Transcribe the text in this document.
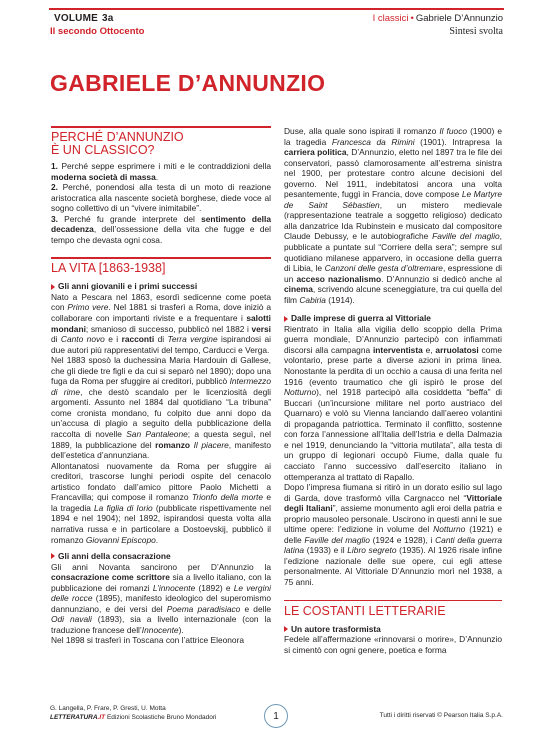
VOLUME 3a
Il secondo Ottocento
I classici • Gabriele D’Annunzio
Sintesi svolta
GABRIELE D’ANNUNZIO
PERCHÉ D’ANNUNZIO
È UN CLASSICO?
1. Perché seppe esprimere i miti e le contraddizioni della moderna società di massa.
2. Perché, ponendosi alla testa di un moto di reazione aristocratica alla nascente società borghese, diede voce al sogno collettivo di un “vivere inimitabile”.
3. Perché fu grande interprete del sentimento della decadenza, dell’ossessione della vita che fugge e del tempo che devasta ogni cosa.
LA VITA [1863-1938]
Gli anni giovanili e i primi successi
Nato a Pescara nel 1863, esordì sedicenne come poeta con Primo vere. Nel 1881 si trasferì a Roma, dove iniziò a collaborare con importanti riviste e a frequentare i salotti mondani; smanioso di successo, pubblicò nel 1882 i versi di Canto novo e i racconti di Terra vergine ispirandosi ai due autori più rappresentativi del tempo, Carducci e Verga.
Nel 1883 sposò la duchessina Maria Hardouin di Gallese, che gli diede tre figli e da cui si separò nel 1890); dopo una fuga da Roma per sfuggire ai creditori, pubblicò Intermezzo di rime, che destò scandalo per le licenziosità degli argomenti. Assunto nel 1884 dal quotidiano “La tribuna” come cronista mondano, fu colpito due anni dopo da un’accusa di plagio a seguito della pubblicazione della raccolta di novelle San Pantaleone; a questa seguì, nel 1889, la pubblicazione del romanzo Il piacere, manifesto dell’estetica d’annunziana.
Allontanatosi nuovamente da Roma per sfuggire ai creditori, trascorse lunghi periodi ospite del cenacolo artistico fondato dall’amico pittore Paolo Michetti a Francavilla; qui compose il romanzo Trionfo della morte e la tragedia La figlia di Iorio (pubblicate rispettivamente nel 1894 e nel 1904); nel 1892, ispirandosi questa volta alla narrativa russa e in particolare a Dostoevskij, pubblicò il romanzo Giovanni Episcopo.
Gli anni della consacrazione
Gli anni Novanta sancirono per D’Annunzio la consacrazione come scrittore sia a livello italiano, con la pubblicazione dei romanzi L’innocente (1892) e Le vergini delle rocce (1895), manifesto ideologico del superomismo dannunziano, e dei versi del Poema paradisiaco e delle Odi navali (1893), sia a livello internazionale (con la traduzione francese dell’Innocente).
Nel 1898 si trasferì in Toscana con l’attrice Eleonora
Duse, alla quale sono ispirati il romanzo Il fuoco (1900) e la tragedia Francesca da Rimini (1901). Intrapresa la carriera politica, D’Annunzio, eletto nel 1897 tra le file dei conservatori, passò clamorosamente all’estrema sinistra nel 1900, per protestare contro alcune decisioni del governo. Nel 1911, indebitatosi ancora una volta pesantemente, fuggì in Francia, dove compose Le Martyre de Saint Sébastien, un mistero medievale (rappresentazione teatrale a soggetto religioso) dedicato alla danzatrice Ida Rubinstein e musicato dal compositore Claude Debussy, e le autobiografiche Faville del maglio, pubblicate a puntate sul “Corriere della sera”; sempre sul quotidiano milanese apparvero, in occasione della guerra di Libia, le Canzoni delle gesta d’oltremare, espressione di un acceso nazionalismo. D’Annunzio si dedicò anche al cinema, scrivendo alcune sceneggiature, tra cui quella del film Cabiria (1914).
Dalle imprese di guerra al Vittoriale
Rientrato in Italia alla vigilia dello scoppio della Prima guerra mondiale, D’Annunzio partecipò con infiammati discorsi alla campagna interventista e, arruolatosi come volontario, prese parte a diverse azioni in prima linea. Nonostante la perdita di un occhio a causa di una ferita nel 1916 (evento traumatico che gli ispirò le prose del Notturno), nel 1918 partecipò alla cosiddetta “beffa” di Buccari (un’incursione militare nel porto austriaco del Quarnaro) e volò su Vienna lanciando dall’aereo volantini di propaganda patriottica. Terminato il conflitto, sostenne con forza l’annessione all’Italia dell’Istria e della Dalmazia e nel 1919, denunciando la “vittoria mutilata”, alla testa di un gruppo di legionari occupò Fiume, dalla quale fu cacciato l’anno successivo dall’esercito italiano in ottemperanza al trattato di Rapallo.
Dopo l’impresa fiumana si ritirò in un dorato esilio sul lago di Garda, dove trasformò villa Cargnacco nel “Vittoriale degli Italiani”, assieme monumento agli eroi della patria e proprio mausoleo personale. Uscirono in questi anni le sue ultime opere: l’edizione in volume del Notturno (1921) e delle Faville del maglio (1924 e 1928), i Canti della guerra latina (1933) e il Libro segreto (1935). Al 1926 risale infine l’edizione nazionale delle sue opere, cui egli attese personalmente. Al Vittoriale D’Annunzio morì nel 1938, a 75 anni.
LE COSTANTI LETTERARIE
Un autore trasformista
Fedele all’affermazione «rinnovarsi o morire», D’Annunzio si cimentò con ogni genere, poetica e forma
G. Langella, P. Frare, P. Gresti, U. Motta
LETTERATURA.IT Edizioni Scolastiche Bruno Mondadori	1	Tutti i diritti riservati © Pearson Italia S.p.A.
